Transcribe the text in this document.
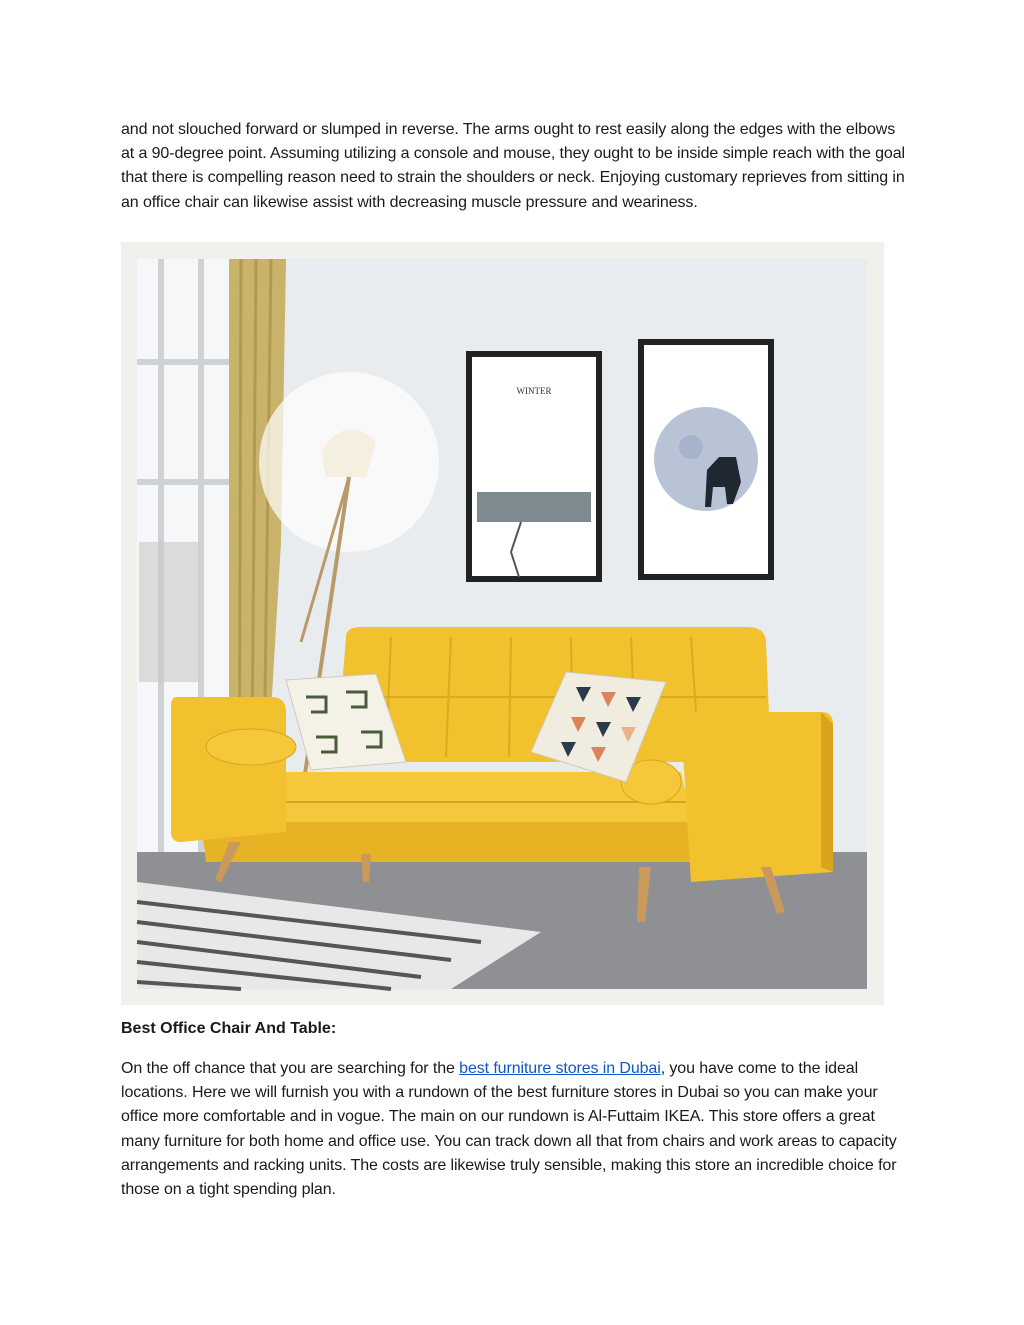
and not slouched forward or slumped in reverse. The arms ought to rest easily along the edges with the elbows at a 90-degree point. Assuming utilizing a console and mouse, they ought to be inside simple reach with the goal that there is compelling reason need to strain the shoulders or neck. Enjoying customary reprieves from sitting in an office chair can likewise assist with decreasing muscle pressure and weariness.

WINTER

Best Office Chair And Table:

On the off chance that you are searching for the best furniture stores in Dubai, you have come to the ideal locations. Here we will furnish you with a rundown of the best furniture stores in Dubai so you can make your office more comfortable and in vogue. The main on our rundown is Al-Futtaim IKEA. This store offers a great many furniture for both home and office use. You can track down all that from chairs and work areas to capacity arrangements and racking units. The costs are likewise truly sensible, making this store an incredible choice for those on a tight spending plan.
